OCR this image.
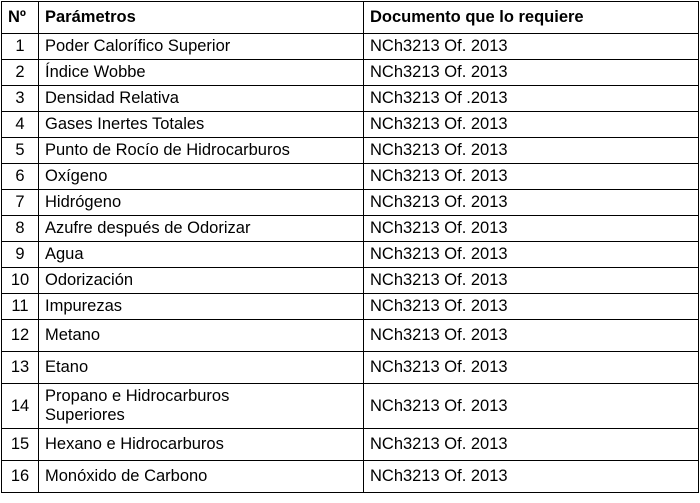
Nº	Parámetros	Documento que lo requiere
1	Poder Calorífico Superior	NCh3213 Of. 2013
2	Índice Wobbe	NCh3213 Of. 2013
3	Densidad Relativa	NCh3213 Of .2013
4	Gases Inertes Totales	NCh3213 Of. 2013
5	Punto de Rocío de Hidrocarburos	NCh3213 Of. 2013
6	Oxígeno	NCh3213 Of. 2013
7	Hidrógeno	NCh3213 Of. 2013
8	Azufre después de Odorizar	NCh3213 Of. 2013
9	Agua	NCh3213 Of. 2013
10	Odorización	NCh3213 Of. 2013
11	Impurezas	NCh3213 Of. 2013
12	Metano	NCh3213 Of. 2013
13	Etano	NCh3213 Of. 2013
14	Propano e Hidrocarburos Superiores	NCh3213 Of. 2013
15	Hexano e Hidrocarburos	NCh3213 Of. 2013
16	Monóxido de Carbono	NCh3213 Of. 2013
